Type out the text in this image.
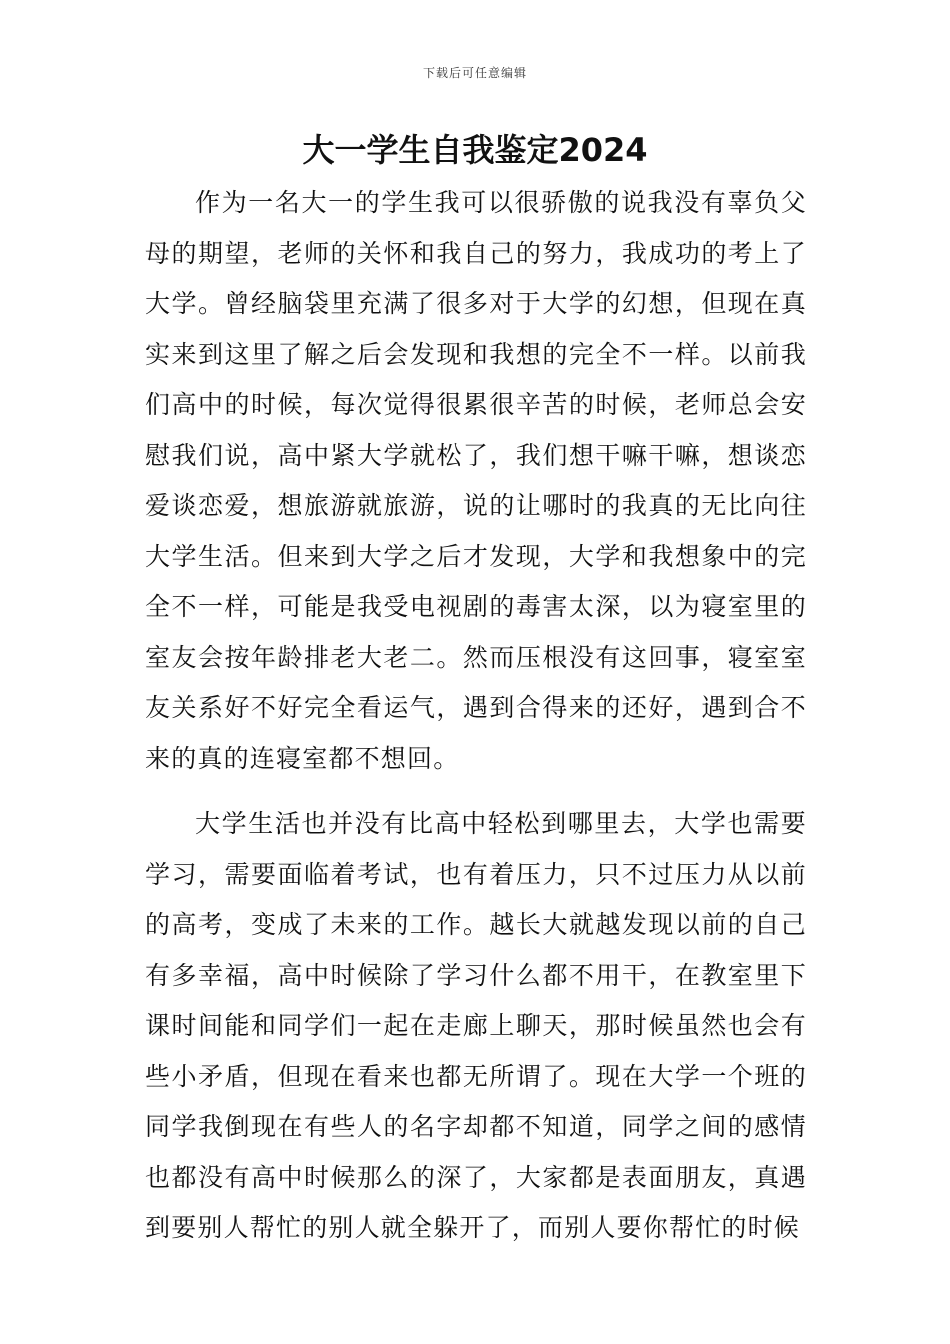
下载后可任意编辑
大一学生自我鉴定2024

作为一名大一的学生我可以很骄傲的说我没有辜负父母的期望，老师的关怀和我自己的努力，我成功的考上了大学。曾经脑袋里充满了很多对于大学的幻想，但现在真实来到这里了解之后会发现和我想的完全不一样。以前我们高中的时候，每次觉得很累很辛苦的时候，老师总会安慰我们说，高中紧大学就松了，我们想干嘛干嘛，想谈恋爱谈恋爱，想旅游就旅游，说的让哪时的我真的无比向往大学生活。但来到大学之后才发现，大学和我想象中的完全不一样，可能是我受电视剧的毒害太深，以为寝室里的室友会按年龄排老大老二。然而压根没有这回事，寝室室友关系好不好完全看运气，遇到合得来的还好，遇到合不来的真的连寝室都不想回。

大学生活也并没有比高中轻松到哪里去，大学也需要学习，需要面临着考试，也有着压力，只不过压力从以前的高考，变成了未来的工作。越长大就越发现以前的自己有多幸福，高中时候除了学习什么都不用干，在教室里下课时间能和同学们一起在走廊上聊天，那时候虽然也会有些小矛盾，但现在看来也都无所谓了。现在大学一个班的同学我倒现在有些人的名字却都不知道，同学之间的感情也都没有高中时候那么的深了，大家都是表面朋友，真遇到要别人帮忙的别人就全躲开了，而别人要你帮忙的时候
